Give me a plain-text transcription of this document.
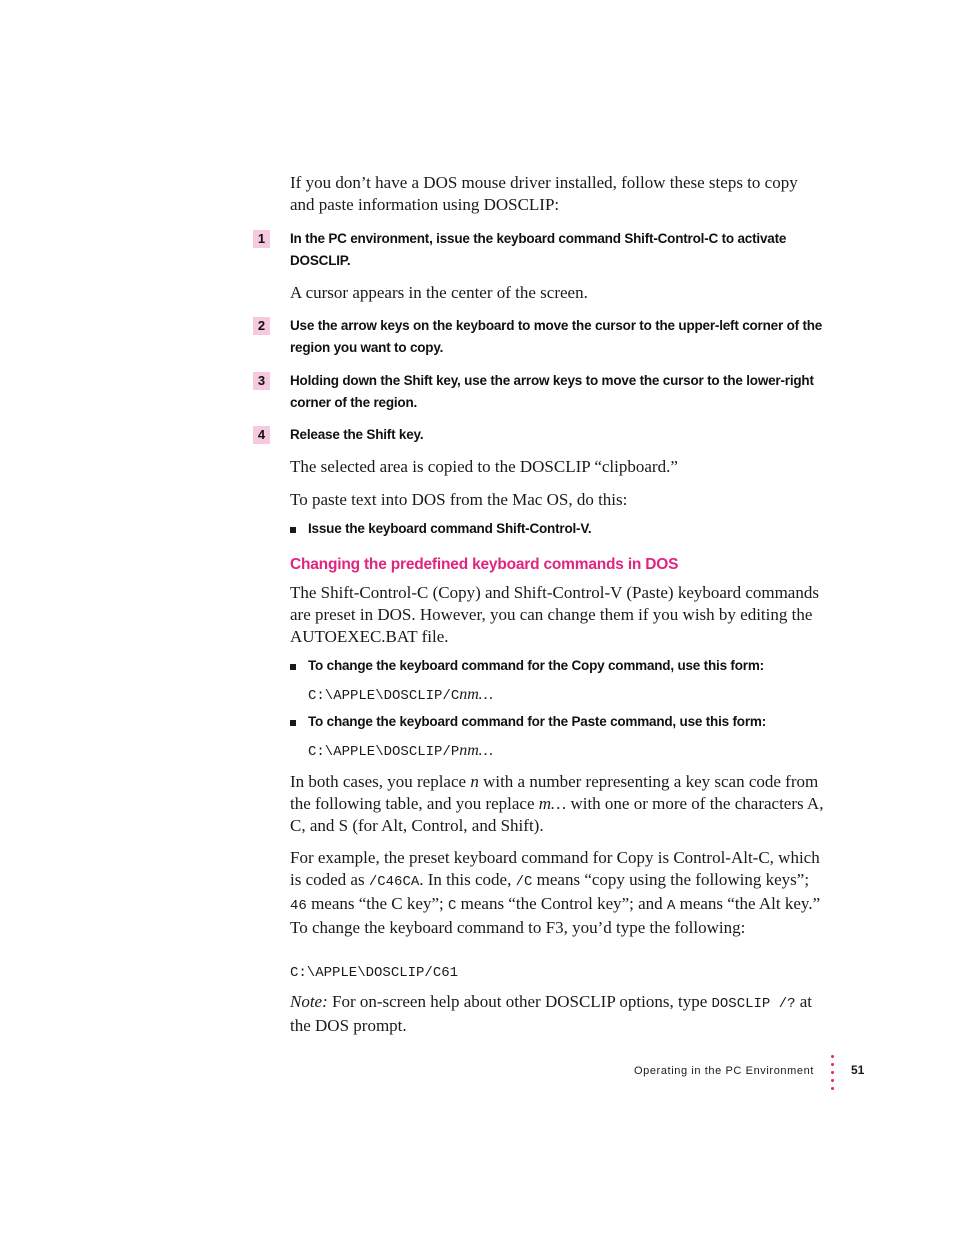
If you don’t have a DOS mouse driver installed, follow these steps to copy and paste information using DOSCLIP:
1	In the PC environment, issue the keyboard command Shift-Control-C to activate DOSCLIP.
A cursor appears in the center of the screen.
2	Use the arrow keys on the keyboard to move the cursor to the upper-left corner of the region you want to copy.
3	Holding down the Shift key, use the arrow keys to move the cursor to the lower-right corner of the region.
4	Release the Shift key.
The selected area is copied to the DOSCLIP “clipboard.”
To paste text into DOS from the Mac OS, do this:
Issue the keyboard command Shift-Control-V.
Changing the predefined keyboard commands in DOS
The Shift-Control-C (Copy) and Shift-Control-V (Paste) keyboard commands are preset in DOS. However, you can change them if you wish by editing the AUTOEXEC.BAT file.
To change the keyboard command for the Copy command, use this form:
C:\APPLE\DOSCLIP/Cnm…
To change the keyboard command for the Paste command, use this form:
C:\APPLE\DOSCLIP/Pnm…
In both cases, you replace n with a number representing a key scan code from the following table, and you replace m… with one or more of the characters A, C, and S (for Alt, Control, and Shift).
For example, the preset keyboard command for Copy is Control-Alt-C, which is coded as /C46CA. In this code, /C means “copy using the following keys”; 46 means “the C key”; C means “the Control key”; and A means “the Alt key.” To change the keyboard command to F3, you’d type the following:
C:\APPLE\DOSCLIP/C61
Note: For on-screen help about other DOSCLIP options, type DOSCLIP /? at the DOS prompt.
Operating in the PC Environment	51
